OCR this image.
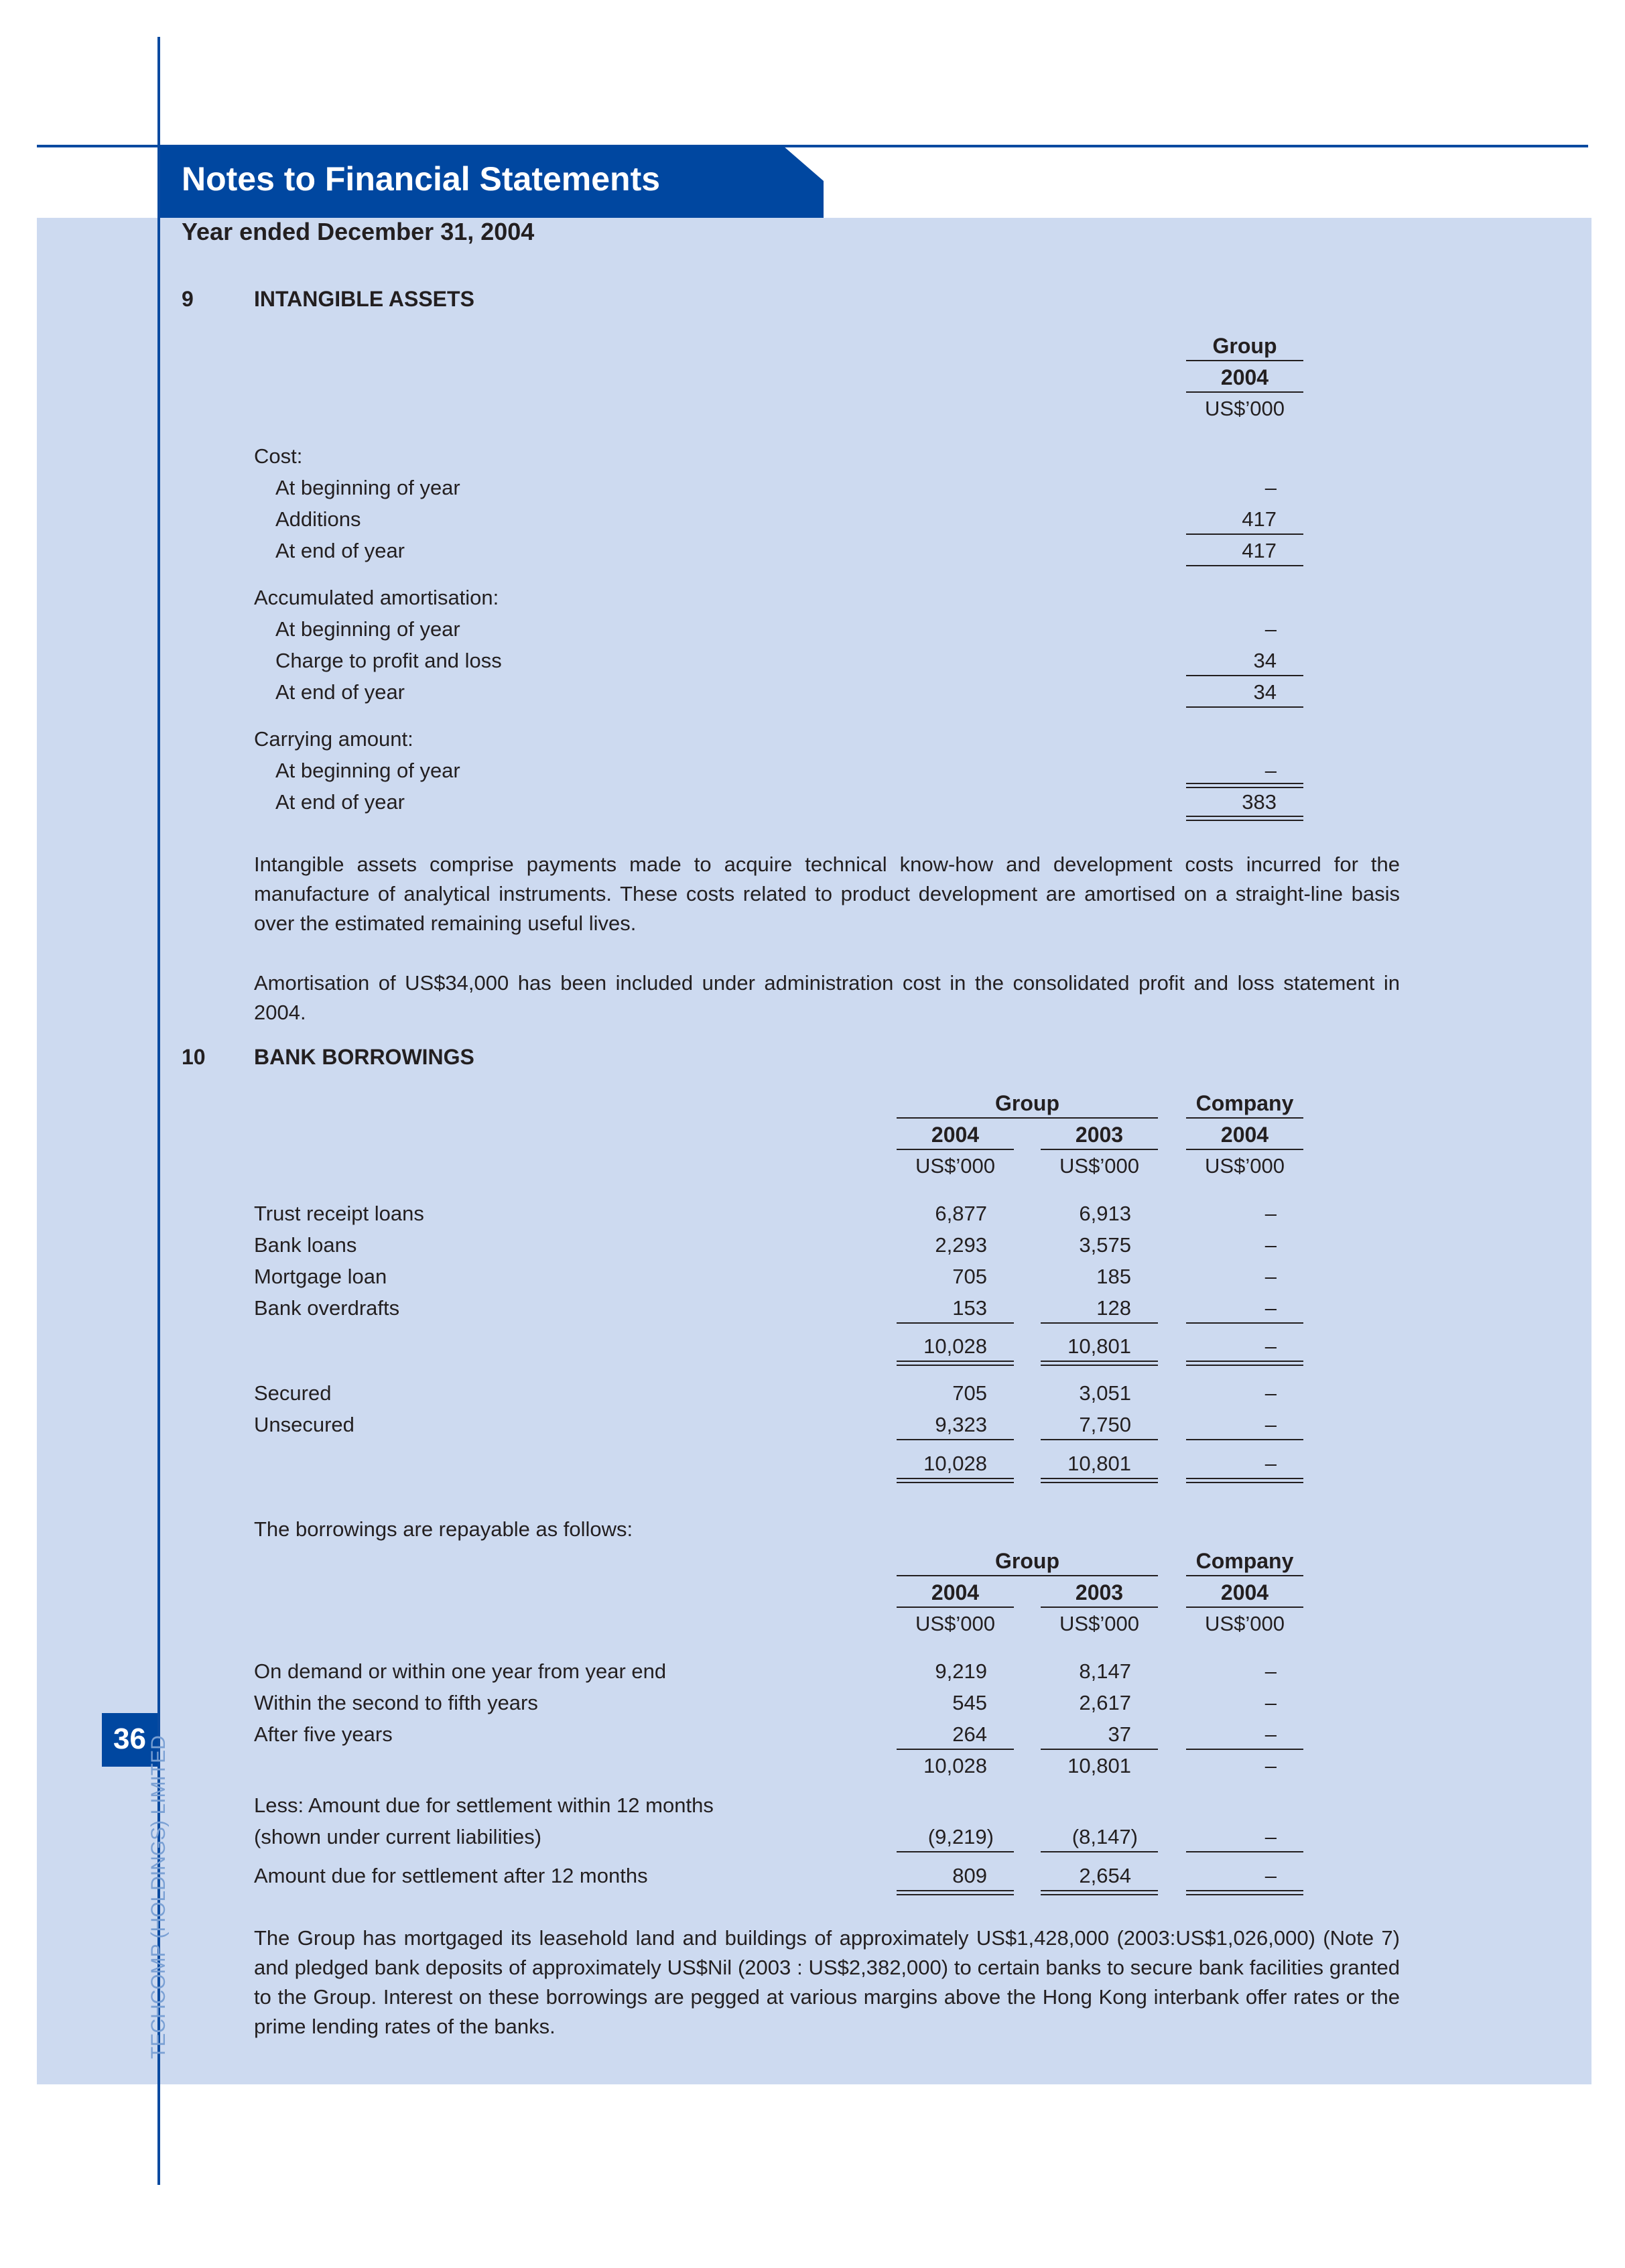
Notes to Financial Statements
Year ended December 31, 2004
9	INTANGIBLE ASSETS
Group
2004
US$’000
Cost:
At beginning of year	–
Additions	417
At end of year	417
Accumulated amortisation:
At beginning of year	–
Charge to profit and loss	34
At end of year	34
Carrying amount:
At beginning of year	–
At end of year	383
Intangible assets comprise payments made to acquire technical know-how and development costs incurred for the manufacture of analytical instruments. These costs related to product development are amortised on a straight-line basis over the estimated remaining useful lives.
Amortisation of US$34,000 has been included under administration cost in the consolidated profit and loss statement in 2004.
10 BANK BORROWINGS
Group	Company
2004	2003	2004
US$’000	US$’000	US$’000
Trust receipt loans	6,877	6,913	–
Bank loans	2,293	3,575	–
Mortgage loan	705	185	–
Bank overdrafts	153	128	–
10,028	10,801	–
Secured	705	3,051	–
Unsecured	9,323	7,750	–
10,028	10,801	–
The borrowings are repayable as follows:
Group	Company
2004	2003	2004
US$’000	US$’000	US$’000
On demand or within one year from year end	9,219	8,147	–
Within the second to fifth years	545	2,617	–
After five years	264	37	–
10,028	10,801	–
Less: Amount due for settlement within 12 months
(shown under current liabilities)	(9,219)	(8,147)	–
Amount due for settlement after 12 months	809	2,654	–
The Group has mortgaged its leasehold land and buildings of approximately US$1,428,000 (2003:US$1,026,000) (Note 7) and pledged bank deposits of approximately US$Nil (2003 : US$2,382,000) to certain banks to secure bank facilities granted to the Group. Interest on these borrowings are pegged at various margins above the Hong Kong interbank offer rates or the prime lending rates of the banks.
36 TECHCOMP (HOLDINGS) LIMITED
